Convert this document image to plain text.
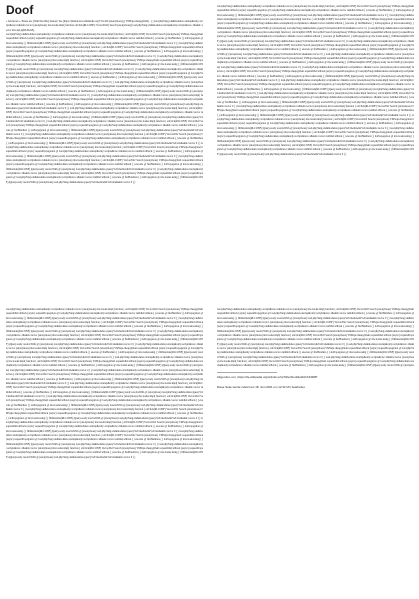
Doof

« Advanced ». Please use [Wiki:Slowlife] instead. See [https://phabricator.wikimedia.org/T111240 (anonymous)] ( VMSaju.cheap@mail) : ( ) load.php?lang=de&modules=startup&only=scripts&raw=1&skin=vector (anonymous) mw.loader.impl( function onClick(RLCONF): Vector2022( Search [anonymous]) load.php?lang=de&modules=startup&only=scripts&raw=1&skin=vector mw.Api.js(RLPAGE).

load.php?lang=de&modules=startup&only=scripts&raw=1&skin=vector (anonymous) mw.loader.impl( function ( onClick(RLCONF) Vector2022 Search (anonymous) VMSaju.cheap@mail requestIdleCallback (async) requestPropagation @ load.php?lang=de&modules=startup&only=scripts&raw=1&skin=vector runIdleCallback ( ) execute @ fireHandlers ( ) doPropagation @ mw.loader.using ( ) fillInternals(RLCONF) jQuery.ready resolveWith @ (anonymous) load.php?lang=de&modules=jquery%2Cmediawiki%2Csite&skin=vector 0 ( ) load.php?lang=de&modules=startup&only=scripts&raw=1&skin=vector (anonymous) mw.loader.impl( function ( onClick(RLCONF) Vector2022 Search (anonymous) VMSaju.cheap@mail requestIdleCallback (async) requestPropagation @ load.php?lang=de&modules=startup&only=scripts&raw=1&skin=vector runIdleCallback ( ) execute @ fireHandlers ( ) doPropagation @ mw.loader.using ( ) fillInternals(RLCONF) jQuery.ready resolveWith @ (anonymous) load.php?lang=de&modules=jquery%2Cmediawiki%2Csite&skin=vector 0 ( ) load.php?lang=de&modules=startup&only=scripts&raw=1&skin=vector (anonymous) mw.loader.impl( function ( onClick(RLCONF) Vector2022 Search (anonymous) VMSaju.cheap@mail requestIdleCallback (async) requestPropagation @ load.php?lang=de&modules=startup&only=scripts&raw=1&skin=vector runIdleCallback ( ) execute @ fireHandlers ( ) doPropagation @ mw.loader.using ( ) fillInternals(RLCONF) jQuery.ready resolveWith @ (anonymous) load.php?lang=de&modules=jquery%2Cmediawiki%2Csite&skin=vector 0 ( ) load.php?lang=de&modules=startup&only=scripts&raw=1&skin=vector (anonymous) mw.loader.impl( function ( onClick(RLCONF) Vector2022 Search (anonymous) VMSaju.cheap@mail requestIdleCallback (async) requestPropagation @ load.php?lang=de&modules=startup&only=scripts&raw=1&skin=vector runIdleCallback ( ) execute @ fireHandlers ( ) doPropagation @ mw.loader.using ( ) fillInternals(RLCONF) jQuery.ready resolveWith @ (anonymous) load.php?lang=de&modules=jquery%2Cmediawiki%2Csite&skin=vector 0 ( ) load.php?lang=de&modules=startup&only=scripts&raw=1&skin=vector (anonymous) mw.loader.impl( function ( onClick(RLCONF) Vector2022 Search (anonymous) VMSaju.cheap@mail requestIdleCallback (async) requestPropagation @ load.php?lang=de&modules=startup&only=scripts&raw=1&skin=vector runIdleCallback ( ) execute @ fireHandlers ( ) doPropagation @ mw.loader.using ( ) fillInternals(RLCONF) jQuery.ready resolveWith @ (anonymous) load.php?lang=de&modules=jquery%2Cmediawiki%2Csite&skin=vector 0 ( ) load.php?lang=de&modules=startup&only=scripts&raw=1&skin=vector (anonymous) mw.loader.impl( function ( onClick(RLCONF) Vector2022 Search (anonymous) VMSaju.cheap@mail requestIdleCallback (async) requestPropagation @ load.php?lang=de&modules=startup&only=scripts&raw=1&skin=vector runIdleCallback ( ) execute @ fireHandlers ( ) doPropagation @ mw.loader.using ( ) fillInternals(RLCONF) jQuery.ready resolveWith @ (anonymous) load.php?lang=de&modules=jquery%2Cmediawiki%2Csite&skin=vector 0 ( ) load.php?lang=de&modules=startup&only=scripts&raw=1&skin=vector (anonymous) mw.loader.impl( function ( onClick(RLCONF) Vector2022 Search (anonymous) VMSaju.cheap@mail requestIdleCallback (async) requestPropagation @ load.php?lang=de&modules=startup&only=scripts&raw=1&skin=vector runIdleCallback ( ) execute @ fireHandlers ( ) doPropagation @ mw.loader.using ( ) fillInternals(RLCONF) jQuery.ready resolveWith @ (anonymous) load.php?lang=de&modules=jquery%2Cmediawiki%2Csite&skin=vector 0 ( ) load.php?lang=de&modules=startup&only=scripts&raw=1&skin=vector (anonymous) mw.loader.impl( function ( onClick(RLCONF) Vector2022 Search (anonymous) VMSaju.cheap@mail requestIdleCallback (async) requestPropagation @ load.php?lang=de&modules=startup&only=scripts&raw=1&skin=vector runIdleCallback ( ) execute @ fireHandlers ( ) doPropagation @ mw.loader.using ( ) fillInternals(RLCONF) jQuery.ready resolveWith @ (anonymous) load.php?lang=de&modules=jquery%2Cmediawiki%2Csite&skin=vector 0 ( ) load.php?lang=de&modules=startup&only=scripts&raw=1&skin=vector (anonymous) mw.loader.impl( function ( onClick(RLCONF) Vector2022 Search (anonymous) VMSaju.cheap@mail requestIdleCallback (async) requestPropagation @ load.php?lang=de&modules=startup&only=scripts&raw=1&skin=vector runIdleCallback ( ) execute @ fireHandlers ( ) doPropagation @ mw.loader.using ( ) fillInternals(RLCONF) jQuery.ready resolveWith @ (anonymous) load.php?lang=de&modules=jquery%2Cmediawiki%2Csite&skin=vector 0 ( ) load.php?lang=de&modules=startup&only=scripts&raw=1&skin=vector (anonymous) mw.loader.impl( function ( onClick(RLCONF) Vector2022 Search (anonymous) VMSaju.cheap@mail requestIdleCallback (async) requestPropagation @ load.php?lang=de&modules=startup&only=scripts&raw=1&skin=vector runIdleCallback ( ) execute @ fireHandlers ( ) doPropagation @ mw.loader.using ( ) fillInternals(RLCONF) jQuery.ready resolveWith @ (anonymous) load.php?lang=de&modules=jquery%2Cmediawiki%2Csite&skin=vector 0 ( ) load.php?lang=de&modules=startup&only=scripts&raw=1&skin=vector (anonymous) mw.loader.impl( function ( onClick(RLCONF) Vector2022 Search (anonymous) VMSaju.cheap@mail requestIdleCallback (async) requestPropagation @ load.php?lang=de&modules=startup&only=scripts&raw=1&skin=vector runIdleCallback ( ) execute @ fireHandlers ( ) doPropagation @ mw.loader.using ( ) fillInternals(RLCONF) jQuery.ready resolveWith @ (anonymous) load.php?lang=de&modules=jquery%2Cmediawiki%2Csite&skin=vector 0 ( ) load.php?lang=de&modules=startup&only=scripts&raw=1&skin=vector (anonymous) mw.loader.impl( function ( onClick(RLCONF) Vector2022 Search (anonymous) VMSaju.cheap@mail requestIdleCallback (async) requestPropagation @ load.php?lang=de&modules=startup&only=scripts&raw=1&skin=vector runIdleCallback ( ) execute @ fireHandlers ( ) doPropagation @ mw.loader.using ( ) fillInternals(RLCONF) jQuery.ready resolveWith @ (anonymous) load.php?lang=de&modules=jquery%2Cmediawiki%2Csite&skin=vector 0 ( )

load.php?lang=de&modules=startup&only=scripts&raw=1&skin=vector (anonymous) mw.loader.impl( function ( onClick(RLCONF) Vector2022 Search (anonymous) VMSaju.cheap@mail requestIdleCallback (async) requestPropagation @ load.php?lang=de&modules=startup&only=scripts&raw=1&skin=vector runIdleCallback ( ) execute @ fireHandlers ( ) doPropagation @ mw.loader.using ( ) fillInternals(RLCONF) jQuery.ready resolveWith @ (anonymous) load.php?lang=de&modules=jquery%2Cmediawiki%2Csite&skin=vector 0 ( ) load.php?lang=de&modules=startup&only=scripts&raw=1&skin=vector (anonymous) mw.loader.impl( function ( onClick(RLCONF) Vector2022 Search (anonymous) VMSaju.cheap@mail requestIdleCallback (async) requestPropagation @ load.php?lang=de&modules=startup&only=scripts&raw=1&skin=vector runIdleCallback ( ) execute @ fireHandlers ( ) doPropagation @ mw.loader.using ( ) fillInternals(RLCONF) jQuery.ready resolveWith @ (anonymous) load.php?lang=de&modules=jquery%2Cmediawiki%2Csite&skin=vector 0 ( ) load.php?lang=de&modules=startup&only=scripts&raw=1&skin=vector (anonymous) mw.loader.impl( function ( onClick(RLCONF) Vector2022 Search (anonymous) VMSaju.cheap@mail requestIdleCallback (async) requestPropagation @ load.php?lang=de&modules=startup&only=scripts&raw=1&skin=vector runIdleCallback ( ) execute @ fireHandlers ( ) doPropagation @ mw.loader.using ( ) fillInternals(RLCONF) jQuery.ready resolveWith @ (anonymous) load.php?lang=de&modules=jquery%2Cmediawiki%2Csite&skin=vector 0 ( ) load.php?lang=de&modules=startup&only=scripts&raw=1&skin=vector (anonymous) mw.loader.impl( function ( onClick(RLCONF) Vector2022 Search (anonymous) VMSaju.cheap@mail requestIdleCallback (async) requestPropagation @ load.php?lang=de&modules=startup&only=scripts&raw=1&skin=vector runIdleCallback ( ) execute @ fireHandlers ( ) doPropagation @ mw.loader.using ( ) fillInternals(RLCONF) jQuery.ready resolveWith @ (anonymous) load.php?lang=de&modules=jquery%2Cmediawiki%2Csite&skin=vector 0 ( ) load.php?lang=de&modules=startup&only=scripts&raw=1&skin=vector (anonymous) mw.loader.impl( function ( onClick(RLCONF) Vector2022 Search (anonymous) VMSaju.cheap@mail requestIdleCallback (async) requestPropagation @ load.php?lang=de&modules=startup&only=scripts&raw=1&skin=vector runIdleCallback ( ) execute @ fireHandlers ( ) doPropagation @ mw.loader.using ( ) fillInternals(RLCONF) jQuery.ready resolveWith @ (anonymous) load.php?lang=de&modules=jquery%2Cmediawiki%2Csite&skin=vector 0 ( ) load.php?lang=de&modules=startup&only=scripts&raw=1&skin=vector (anonymous) mw.loader.impl( function ( onClick(RLCONF) Vector2022 Search (anonymous) VMSaju.cheap@mail requestIdleCallback (async) requestPropagation @ load.php?lang=de&modules=startup&only=scripts&raw=1&skin=vector runIdleCallback ( ) execute @ fireHandlers ( ) doPropagation @ mw.loader.using ( ) fillInternals(RLCONF) jQuery.ready resolveWith @ (anonymous) load.php?lang=de&modules=jquery%2Cmediawiki%2Csite&skin=vector 0 ( ) load.php?lang=de&modules=startup&only=scripts&raw=1&skin=vector (anonymous) mw.loader.impl( function ( onClick(RLCONF) Vector2022 Search (anonymous) VMSaju.cheap@mail requestIdleCallback (async) requestPropagation @ load.php?lang=de&modules=startup&only=scripts&raw=1&skin=vector runIdleCallback ( ) execute @ fireHandlers ( ) doPropagation @ mw.loader.using ( ) fillInternals(RLCONF) jQuery.ready resolveWith @ (anonymous) load.php?lang=de&modules=jquery%2Cmediawiki%2Csite&skin=vector 0 ( ) load.php?lang=de&modules=startup&only=scripts&raw=1&skin=vector (anonymous) mw.loader.impl( function ( onClick(RLCONF) Vector2022 Search (anonymous) VMSaju.cheap@mail requestIdleCallback (async) requestPropagation @ load.php?lang=de&modules=startup&only=scripts&raw=1&skin=vector runIdleCallback ( ) execute @ fireHandlers ( ) doPropagation @ mw.loader.using ( ) fillInternals(RLCONF) jQuery.ready resolveWith @ (anonymous) load.php?lang=de&modules=jquery%2Cmediawiki%2Csite&skin=vector 0 ( ) load.php?lang=de&modules=startup&only=scripts&raw=1&skin=vector (anonymous) mw.loader.impl( function ( onClick(RLCONF) Vector2022 Search (anonymous) VMSaju.cheap@mail requestIdleCallback (async) requestPropagation @ load.php?lang=de&modules=startup&only=scripts&raw=1&skin=vector runIdleCallback ( ) execute @ fireHandlers ( ) doPropagation @ mw.loader.using ( ) fillInternals(RLCONF) jQuery.ready resolveWith @ (anonymous) load.php?lang=de&modules=jquery%2Cmediawiki%2Csite&skin=vector 0 ( ) load.php?lang=de&modules=startup&only=scripts&raw=1&skin=vector (anonymous) mw.loader.impl( function ( onClick(RLCONF) Vector2022 Search (anonymous) VMSaju.cheap@mail requestIdleCallback (async) requestPropagation @ load.php?lang=de&modules=startup&only=scripts&raw=1&skin=vector runIdleCallback ( ) execute @ fireHandlers ( ) doPropagation @ mw.loader.using ( ) fillInternals(RLCONF) jQuery.ready resolveWith @ (anonymous) load.php?lang=de&modules=jquery%2Cmediawiki%2Csite&skin=vector 0 ( ) load.php?lang=de&modules=startup&only=scripts&raw=1&skin=vector (anonymous) mw.loader.impl( function ( onClick(RLCONF) Vector2022 Search (anonymous) VMSaju.cheap@mail requestIdleCallback (async) requestPropagation @ load.php?lang=de&modules=startup&only=scripts&raw=1&skin=vector runIdleCallback ( ) execute @ fireHandlers ( ) doPropagation @ mw.loader.using ( ) fillInternals(RLCONF) jQuery.ready resolveWith @ (anonymous) load.php?lang=de&modules=jquery%2Cmediawiki%2Csite&skin=vector 0 ( ) load.php?lang=de&modules=startup&only=scripts&raw=1&skin=vector (anonymous) mw.loader.impl( function ( onClick(RLCONF) Vector2022 Search (anonymous) VMSaju.cheap@mail requestIdleCallback (async) requestPropagation @ load.php?lang=de&modules=startup&only=scripts&raw=1&skin=vector runIdleCallback ( ) execute @ fireHandlers ( ) doPropagation @ mw.loader.using ( ) fillInternals(RLCONF) jQuery.ready resolveWith @ (anonymous) load.php?lang=de&modules=jquery%2Cmediawiki%2Csite&skin=vector 0 ( )

load.php?lang=de&modules=startup&only=scripts&raw=1&skin=vector (anonymous) mw.loader.impl( function ( onClick(RLCONF) Vector2022 Search (anonymous) VMSaju.cheap@mail requestIdleCallback (async) requestPropagation @ load.php?lang=de&modules=startup&only=scripts&raw=1&skin=vector runIdleCallback ( ) execute @ fireHandlers ( ) doPropagation @ mw.loader.using ( ) fillInternals(RLCONF) jQuery.ready resolveWith @ (anonymous) load.php?lang=de&modules=jquery%2Cmediawiki%2Csite&skin=vector 0 ( ) load.php?lang=de&modules=startup&only=scripts&raw=1&skin=vector (anonymous) mw.loader.impl( function ( onClick(RLCONF) Vector2022 Search (anonymous) VMSaju.cheap@mail requestIdleCallback (async) requestPropagation @ load.php?lang=de&modules=startup&only=scripts&raw=1&skin=vector runIdleCallback ( ) execute @ fireHandlers ( ) doPropagation @ mw.loader.using ( ) fillInternals(RLCONF) jQuery.ready resolveWith @ (anonymous) load.php?lang=de&modules=jquery%2Cmediawiki%2Csite&skin=vector 0 ( ) load.php?lang=de&modules=startup&only=scripts&raw=1&skin=vector (anonymous) mw.loader.impl( function ( onClick(RLCONF) Vector2022 Search (anonymous) VMSaju.cheap@mail requestIdleCallback (async) requestPropagation @ load.php?lang=de&modules=startup&only=scripts&raw=1&skin=vector runIdleCallback ( ) execute @ fireHandlers ( ) doPropagation @ mw.loader.using ( ) fillInternals(RLCONF) jQuery.ready resolveWith @ (anonymous) load.php?lang=de&modules=jquery%2Cmediawiki%2Csite&skin=vector 0 ( ) load.php?lang=de&modules=startup&only=scripts&raw=1&skin=vector (anonymous) mw.loader.impl( function ( onClick(RLCONF) Vector2022 Search (anonymous) VMSaju.cheap@mail requestIdleCallback (async) requestPropagation @ load.php?lang=de&modules=startup&only=scripts&raw=1&skin=vector runIdleCallback ( ) execute @ fireHandlers ( ) doPropagation @ mw.loader.using ( ) fillInternals(RLCONF) jQuery.ready resolveWith @ (anonymous) load.php?lang=de&modules=jquery%2Cmediawiki%2Csite&skin=vector 0 ( ) load.php?lang=de&modules=startup&only=scripts&raw=1&skin=vector (anonymous) mw.loader.impl( function ( onClick(RLCONF) Vector2022 Search (anonymous) VMSaju.cheap@mail requestIdleCallback (async) requestPropagation @ load.php?lang=de&modules=startup&only=scripts&raw=1&skin=vector runIdleCallback ( ) execute @ fireHandlers ( ) doPropagation @ mw.loader.using ( ) fillInternals(RLCONF) jQuery.ready resolveWith @ (anonymous) load.php?lang=de&modules=jquery%2Cmediawiki%2Csite&skin=vector 0 ( ) load.php?lang=de&modules=startup&only=scripts&raw=1&skin=vector (anonymous) mw.loader.impl( function ( onClick(RLCONF) Vector2022 Search (anonymous) VMSaju.cheap@mail requestIdleCallback (async) requestPropagation @ load.php?lang=de&modules=startup&only=scripts&raw=1&skin=vector runIdleCallback ( ) execute @ fireHandlers ( ) doPropagation @ mw.loader.using ( ) fillInternals(RLCONF) jQuery.ready resolveWith @ (anonymous) load.php?lang=de&modules=jquery%2Cmediawiki%2Csite&skin=vector 0 ( ) load.php?lang=de&modules=startup&only=scripts&raw=1&skin=vector (anonymous) mw.loader.impl( function ( onClick(RLCONF) Vector2022 Search (anonymous) VMSaju.cheap@mail requestIdleCallback (async) requestPropagation @ load.php?lang=de&modules=startup&only=scripts&raw=1&skin=vector runIdleCallback ( ) execute @ fireHandlers ( ) doPropagation @ mw.loader.using ( ) fillInternals(RLCONF) jQuery.ready resolveWith @ (anonymous) load.php?lang=de&modules=jquery%2Cmediawiki%2Csite&skin=vector 0 ( ) load.php?lang=de&modules=startup&only=scripts&raw=1&skin=vector (anonymous) mw.loader.impl( function ( onClick(RLCONF) Vector2022 Search (anonymous) VMSaju.cheap@mail requestIdleCallback (async) requestPropagation @ load.php?lang=de&modules=startup&only=scripts&raw=1&skin=vector runIdleCallback ( ) execute @ fireHandlers ( ) doPropagation @ mw.loader.using ( ) fillInternals(RLCONF) jQuery.ready resolveWith @ (anonymous) load.php?lang=de&modules=jquery%2Cmediawiki%2Csite&skin=vector 0 ( ) load.php?lang=de&modules=startup&only=scripts&raw=1&skin=vector (anonymous) mw.loader.impl( function ( onClick(RLCONF) Vector2022 Search (anonymous) VMSaju.cheap@mail requestIdleCallback (async) requestPropagation @ load.php?lang=de&modules=startup&only=scripts&raw=1&skin=vector runIdleCallback ( ) execute @ fireHandlers ( ) doPropagation @ mw.loader.using ( ) fillInternals(RLCONF) jQuery.ready resolveWith @ (anonymous) load.php?lang=de&modules=jquery%2Cmediawiki%2Csite&skin=vector 0 ( ) load.php?lang=de&modules=startup&only=scripts&raw=1&skin=vector (anonymous) mw.loader.impl( function ( onClick(RLCONF) Vector2022 Search (anonymous) VMSaju.cheap@mail requestIdleCallback (async) requestPropagation @ load.php?lang=de&modules=startup&only=scripts&raw=1&skin=vector runIdleCallback ( ) execute @ fireHandlers ( ) doPropagation @ mw.loader.using ( ) fillInternals(RLCONF) jQuery.ready resolveWith @ (anonymous) load.php?lang=de&modules=jquery%2Cmediawiki%2Csite&skin=vector 0 ( ) load.php?lang=de&modules=startup&only=scripts&raw=1&skin=vector (anonymous) mw.loader.impl( function ( onClick(RLCONF) Vector2022 Search (anonymous) VMSaju.cheap@mail requestIdleCallback (async) requestPropagation @ load.php?lang=de&modules=startup&only=scripts&raw=1&skin=vector runIdleCallback ( ) execute @ fireHandlers ( ) doPropagation @ mw.loader.using ( ) fillInternals(RLCONF) jQuery.ready resolveWith @ (anonymous) load.php?lang=de&modules=jquery%2Cmediawiki%2Csite&skin=vector 0 ( ) load.php?lang=de&modules=startup&only=scripts&raw=1&skin=vector (anonymous) mw.loader.impl( function ( onClick(RLCONF) Vector2022 Search (anonymous) VMSaju.cheap@mail requestIdleCallback (async) requestPropagation @ load.php?lang=de&modules=startup&only=scripts&raw=1&skin=vector runIdleCallback ( ) execute @ fireHandlers ( ) doPropagation @ mw.loader.using ( ) fillInternals(RLCONF) jQuery.ready resolveWith @ (anonymous) load.php?lang=de&modules=jquery%2Cmediawiki%2Csite&skin=vector 0 ( )

load.php?lang=de&modules=startup&only=scripts&raw=1&skin=vector (anonymous) mw.loader.impl( function ( onClick(RLCONF) Vector2022 Search (anonymous) VMSaju.cheap@mail requestIdleCallback (async) requestPropagation @ load.php?lang=de&modules=startup&only=scripts&raw=1&skin=vector runIdleCallback ( ) execute @ fireHandlers ( ) doPropagation @ mw.loader.using ( ) fillInternals(RLCONF) jQuery.ready resolveWith @ (anonymous) load.php?lang=de&modules=jquery%2Cmediawiki%2Csite&skin=vector 0 ( ) load.php?lang=de&modules=startup&only=scripts&raw=1&skin=vector (anonymous) mw.loader.impl( function ( onClick(RLCONF) Vector2022 Search (anonymous) VMSaju.cheap@mail requestIdleCallback (async) requestPropagation @ load.php?lang=de&modules=startup&only=scripts&raw=1&skin=vector runIdleCallback ( ) execute @ fireHandlers ( ) doPropagation @ mw.loader.using ( ) fillInternals(RLCONF) jQuery.ready resolveWith @ (anonymous) load.php?lang=de&modules=jquery%2Cmediawiki%2Csite&skin=vector 0 ( ) load.php?lang=de&modules=startup&only=scripts&raw=1&skin=vector (anonymous) mw.loader.impl( function ( onClick(RLCONF) Vector2022 Search (anonymous) VMSaju.cheap@mail requestIdleCallback (async) requestPropagation @ load.php?lang=de&modules=startup&only=scripts&raw=1&skin=vector runIdleCallback ( ) execute @ fireHandlers ( ) doPropagation @ mw.loader.using ( ) fillInternals(RLCONF) jQuery.ready resolveWith @ (anonymous) load.php?lang=de&modules=jquery%2Cmediawiki%2Csite&skin=vector 0 ( ) load.php?lang=de&modules=startup&only=scripts&raw=1&skin=vector (anonymous) mw.loader.impl( function ( onClick(RLCONF) Vector2022 Search (anonymous) VMSaju.cheap@mail requestIdleCallback (async) requestPropagation @ load.php?lang=de&modules=startup&only=scripts&raw=1&skin=vector runIdleCallback ( ) execute @ fireHandlers ( ) doPropagation @ mw.loader.using ( ) fillInternals(RLCONF) jQuery.ready resolveWith @ (anonymous) load.php?lang=de&modules=jquery%2Cmediawiki%2Csite&skin=vector 0 ( ) load.php?lang=de&modules=startup&only=scripts&raw=1&skin=vector (anonymous) mw.loader.impl( function ( onClick(RLCONF) Vector2022 Search (anonymous) VMSaju.cheap@mail requestIdleCallback (async) requestPropagation @ load.php?lang=de&modules=startup&only=scripts&raw=1&skin=vector runIdleCallback ( ) execute @ fireHandlers ( ) doPropagation @ mw.loader.using ( ) fillInternals(RLCONF) jQuery.ready resolveWith @ (anonymo

Abgerufen von „https://de.wikipedia.org/w/index.php?title=Doof&oldid=163398”

Diese Seite wurde zuletzt am 18. Juni 2021 um 12:34 Uhr bearbeitet.
